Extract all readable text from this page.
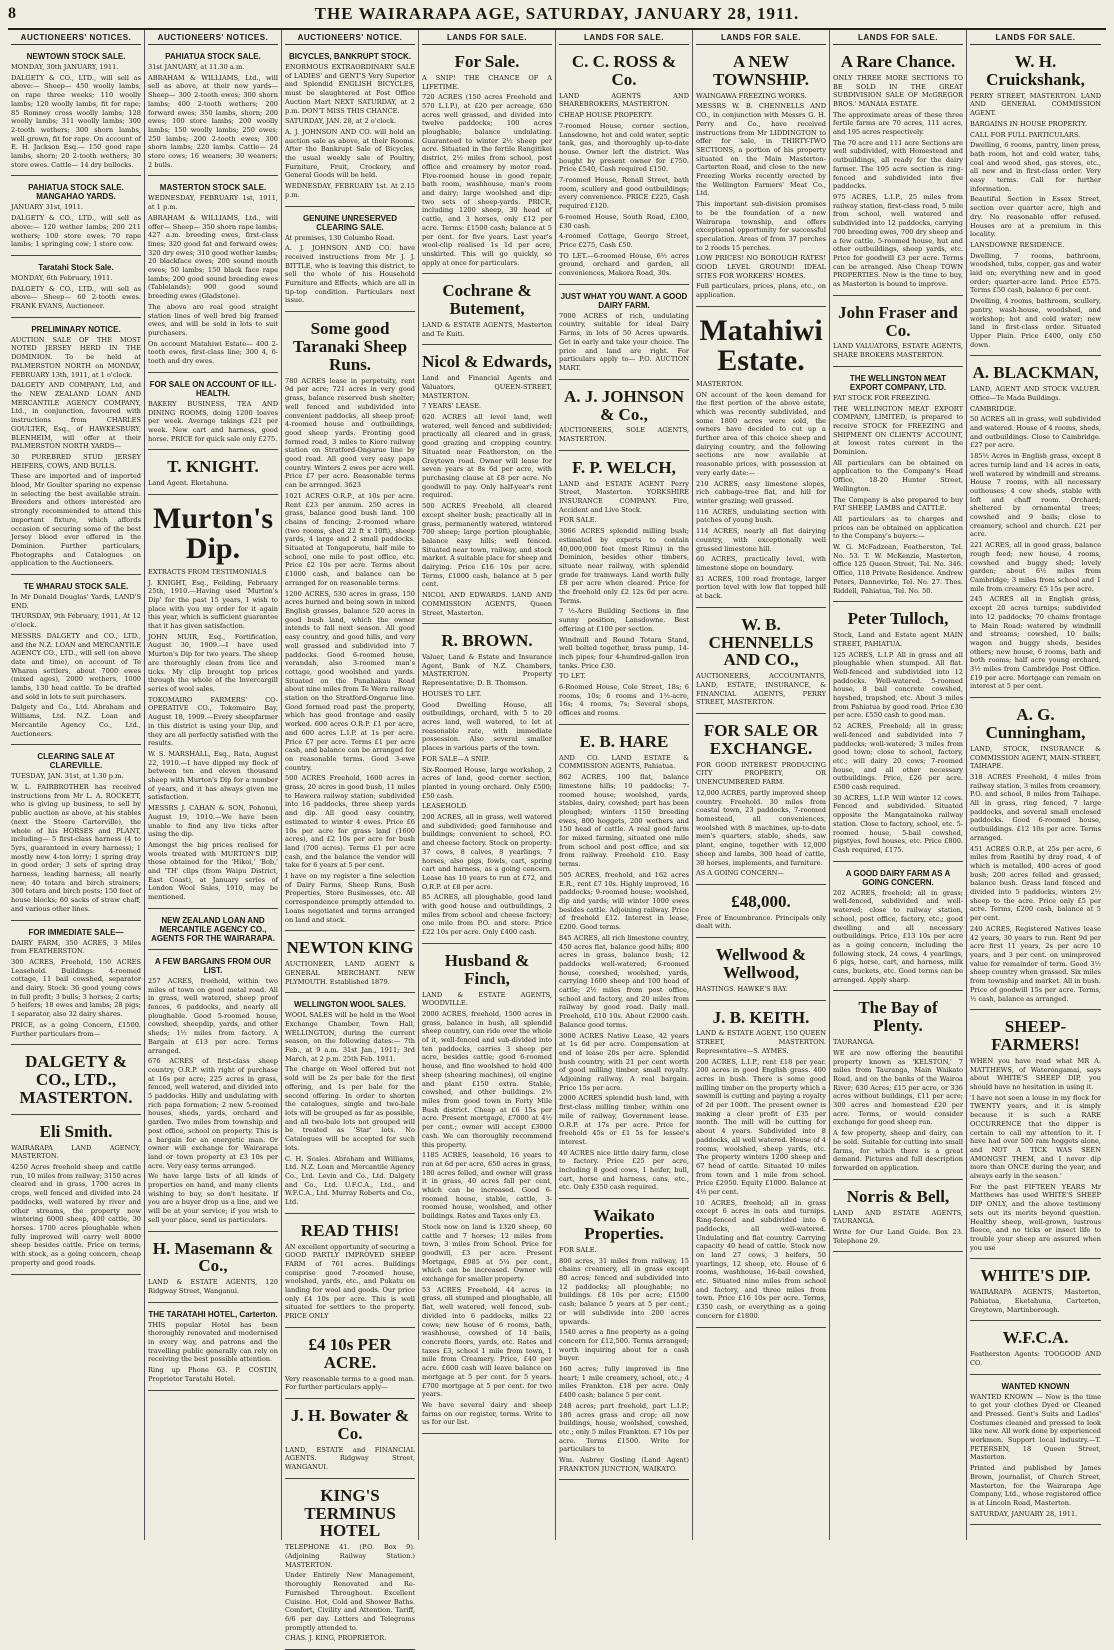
8	THE WAIRARAPA AGE, SATURDAY, JANUARY 28, 1911.
AUCTIONEERS' NOTICES.
NEWTOWN STOCK SALE.
MONDAY, 30th JANUARY, 1911.
DALGETY & CO., LTD., will sell as above:— Sheep— 450 woolly lambs, on rape three weeks; 110 woolly lambs; 120 woolly lambs, fit for rape; 85 Romney cross woolly lambs; 128 woolly lambs; 311 woolly lambs; 300 2-tooth wethers; 300 shorn lambs, well grown, fit for rape. On account of E. H. Jackson Esq.— 150 good rape lambs, shorn; 20 2-tooth wethers; 30 store ewes. Cattle— 14 dry bullocks.
PAHIATUA STOCK SALE. MANGAHAO YARDS.
JANUARY 31st, 1911.
DALGETY & CO., LTD., will sell as above:— 120 wether lambs; 200 211 wethers; 100 store ewes; 70 rape lambs; 1 springing cow; 1 store cow.
Taratahi Stock Sale.
MONDAY, 6th February, 1911.
DALGETY & CO., LTD., will sell as above— Sheep— 60 2-tooth ewes. FRANK EVANS, Auctioneer.
PRELIMINARY NOTICE.
AUCTION SALE OF THE MOST NOTED JERSEY HERD IN THE DOMINION. To be held at PALMERSTON NORTH on MONDAY, FEBRUARY 13th, 1911, at 1 o'clock.
DALGETY AND COMPANY, Ltd, and the NEW ZEALAND LOAN AND MERCANTILE AGENCY COMPANY, Ltd., in conjunction, favoured with instructions from CHARLES GOULTER, Esq., of HAWKESBURY, BLENHEIM, will offer at their PALMERSTON NORTH YARDS—
30 PUREBRED STUD JERSEY HEIFERS, COWS, AND BULLS.
These are imported and of imported blood, Mr Goulter sparing no expense in selecting the best available strain. Breeders and others interested are strongly recommended to attend this important fixture, which affords occasion of securing some of the best Jersey blood ever offered in the Dominion. Further particulars, Photographs and Catalogues on application to the Auctioneers.
TE WHARAU STOCK SALE.
In Mr Donald Douglas' Yards, LAND'S END.
THURSDAY, 9th February, 1911, At 12 o'clock.
MESSRS DALGETY and CO., LTD., and the N.Z. LOAN and MERCANTILE AGENCY CO., LTD., will sell (on above date and time), on account of Te Wharau settlers, about 7000 ewes (mixed ages), 2000 wethers, 1000 lambs, 130 head cattle. To be drafted and sold in lots to suit purchasers.
Dalgety and Co., Ltd. Abraham and Williams, Ltd. N.Z. Loan and Mercantile Agency Co., Ltd., Auctioneers.
CLEARING SALE AT CLAREVILLE.
TUESDAY, JAN. 31st, at 1.30 p.m.
W. L. FAIRBROTHER has received instructions from Mr L. A. ROCKETT, who is giving up business, to sell by public auction as above, at his stables (next the Steere Carterville), the whole of his HORSES and PLANT, including— 5 first-class harness (4 to 5yrs, guaranteed in every harness); 1 mostly new 4-ton lorry; 1 spring dray in good order; 3 sets of spring dray harness, leading harness, all nearly new; 40 totara and birch strainers; 300 totara and birch posts; 150 feet of house blocks; 60 sacks of straw chaff, and various other lines.
FOR IMMEDIATE SALE—
DAIRY FARM, 350 ACRES, 3 Miles from FEATHERSTON.
300 ACRES, Freehold, 150 ACRES Leasehold. Buildings: 4-roomed cottage, 11 bail cowshed, separator and dairy. Stock: 36 good young cows in full profit; 3 bulls; 3 horses; 2 carts; 5 heifers; 18 ewes and lambs; 28 pigs; 1 separator, also 32 dairy shares.
PRICE, as a going Concern, £1500. Further particulars from—
DALGETY & CO., LTD., MASTERTON.
Eli Smith.
WAIRARAPA LAND AGENCY, MASTERTON.
4250 Acres freehold sheep and cattle run, 10 miles from railway; 3150 acres cleared and in grass, 1700 acres in crops, well fenced and divided into 24 paddocks, well watered by river and other streams, the property now wintering 6000 sheep, 400 cattle, 30 horses. 1700 acres ploughable when fully improved will carry well 8000 sheep besides cattle. Price on terms, with stock, as a going concern, cheap property and good roads.
AUCTIONEERS' NOTICES.
PAHIATUA STOCK SALE.
31st JANUARY, at 11.30 a.m.
ABRAHAM & WILLIAMS, Ltd., will sell as above, at their new yards— Sheep— 300 2-tooth ewes; 300 shorn lambs; 400 2-tooth wethers; 200 forward ewes; 350 lambs, shorn; 200 ewes; 100 store lambs; 200 woolly lambs; 150 woolly lambs; 250 ewes; 250 lambs; 200 2-tooth ewes; 300 shorn lambs; 220 lambs. Cattle— 24 store cows; 16 weaners; 30 weaners; 2 bulls.
MASTERTON STOCK SALE.
WEDNESDAY, FEBRUARY 1st, 1911, at 1 p.m.
ABRAHAM & WILLIAMS, Ltd., will offer— Sheep— 350 shorn rape lambs; 427 a.m. breeding ewes, first-class lines; 320 good fat and forward ewes; 320 dry ewes; 310 good wether lambs; 20 blackface ewes; 200 sound mouth ewes; 50 lambs; 150 black face rape lambs; 200 good sound breeding ewes (Tablelands); 900 good sound breeding ewes (Gladstone).
The above are real good straight station lines of well bred big framed ewes, and will be sold in lots to suit purchasers.
On account Matahiwi Estate— 400 2-tooth ewes, first-class line; 300 4, 6-tooth and dry ewes.
FOR SALE ON ACCOUNT OF ILL-HEALTH.
BAKERY BUSINESS, TEA AND DINING ROOMS, doing 1200 loaves per week. Average takings £21 per week. New cart and harness, good horse. PRICE for quick sale only £275.
T. KNIGHT.
Land Agent. Eketahuna.
Murton's Dip.
EXTRACTS FROM TESTIMONIALS
J. KNIGHT, Esq., Feilding, February 25th, 1910.—Having used 'Murton's Dip' for the past 15 years, I wish to place with you my order for it again this year, which is sufficient guarantee that it has given satisfaction.
JOHN MUIR, Esq., Fortification, August 30, 1909.—I have used Murton's Dip for two years. The sheep are thoroughly clean from lice and ticks. My clip brought top prices through the whole of the Invercargill series of wool sales.
TOKOMAIRO FARMERS' CO-OPERATIVE CO., Tokomairo Bay, August 18, 1909.—Every sheepfarmer in this district is using your Dip, and they are all perfectly satisfied with the results.
W. S. MARSHALL, Esq., Rata, August 22, 1910.—I have dipped my flock of between ten and eleven thousand sheep with Murton's Dip for a number of years, and it has always given me satisfaction.
MESSRS J. CAHAN & SON, Pohonui, August 19, 1910.—We have been unable to find any live ticks after using the dip.
Amongst the big prices realised for wools treated with MURTON'S DIP, those obtained for the 'Hikoi,' 'Bob,' and 'TH' clips (from Waipu District, East Coast), at January series of London Wool Sales, 1910, may be mentioned.
NEW ZEALAND LOAN AND MERCANTILE AGENCY CO., AGENTS FOR THE WAIRARAPA.
A FEW BARGAINS FROM OUR LIST.
257 ACRES, freehold, within two miles of town on good metal road. All in grass, well watered, sheep proof fences, 6 paddocks, and nearly all ploughable. Good 5-roomed house, cowshed, sheepdip, yards, and other sheds; 1½ miles from factory. A Bargain at £13 per acre. Terms arranged.
676 ACRES of first-class sheep country, O.R.P. with right of purchase at 16s per acre; 225 acres in grass, fenced, well watered, and divided into 5 paddocks. Hilly and undulating with rich papa formation; 2 new 5-roomed houses, sheds, yards, orchard and garden. Two miles from township and post office, school on property. This is a bargain for an energetic man. Or owner will exchange for Wairarapa land or town property at £3 10s per acre. Very easy terms arranged.
We have large lists of all kinds of properties on hand, and many clients wishing to buy, so don't hesitate. If you are a buyer drop us a line, and we will be at your service; if you wish to sell your place, send us particulars.
H. Masemann & Co.,
LAND & ESTATE AGENTS, 120 Ridgway Street, Wanganui.
THE TARATAHI HOTEL, Carterton.
THIS popular Hotel has been thoroughly renovated and modernised in every way, and patrons and the travelling public generally can rely on receiving the best possible attention.
Ring up Phone 63. P. COSTIN, Proprietor Taratahi Hotel.
AUCTIONEERS' NOTICE.
BICYCLES, BANKRUPT STOCK.
ENORMOUS EXTRAORDINARY SALE of LADIES' and GENT'S Very Superior and Splendid ENGLISH BICYCLES, must be slaughtered at Post Office Auction Mart NEXT SATURDAY, at 2 p.m. DON'T MISS THIS CHANCE.
SATURDAY, JAN. 28, at 2 o'clock.
A. J. JOHNSON AND CO. will hold an auction sale as above, at their Rooms. After the Bankrupt Sale of Bicycles, the usual weekly sale of Poultry, Furniture, Fruit, Crockery, and General Goods will be held.
WEDNESDAY, FEBRUARY 1st. At 2.15 p.m.
GENUINE UNRESERVED CLEARING SALE.
At premises, 130 Columbo Road.
A. J. JOHNSON AND CO. have received instructions from Mr J. J. BITTLE, who is leaving this district, to sell the whole of his Household Furniture and Effects, which are all in tip-top condition. Particulars next issue.
Some good Taranaki Sheep Runs.
780 ACRES lease in perpetuity, rent 9d per acre; 721 acres in very good grass, balance reserved bush shelter; well fenced and subdivided into convenient paddocks, all sheep proof; 4-roomed house and outbuildings, good sheep yards. Fronting good formed road, 3 miles to Kiore railway station on Stratford-Ongarue line by good road. All good very easy papa country. Winters 2 ewes per acre well. Price £7 per acre. Reasonable terms can be arranged. 3623
1021 ACRES O.R.P., at 10s per acre. Rent £23 per annum. 250 acres in grass, balance good bush land. 100 chains of fencing; 2-roomed whare (two rooms, shed 22 ft x 10ft), sheep yards, 4 large and 2 small paddocks. Situated at Tongaporutu, half mile to school, one mile to post office, etc. Price £2 10s per acre. Terms about £1000 cash, and balance can be arranged for on reasonable terms.
1200 ACRES, 530 acres in grass, 150 acres burned and being sown in mixed English grasses, balance 520 acres in good bush land, which the owner intends to fall next season. All good easy country, and good hills, and very well grassed and subdivided into 7 paddocks. Good 6-roomed house, verandah, also 3-roomed man's cottage, good woolshed and yards. Situated on the Punahakau Road about nine miles from Te Wera railway station on the Stratford-Ongarue line. Good formed road past the property, which has good frontage and easily worked. 600 acres O.R.P. £1 per acre, and 600 acres L.I.P. at 1s per acre. Price £7 per acre. Terms £1 per acre cash, and balance can be arranged for on reasonable terms. Good 3-ewe country.
500 ACRES Freehold, 1600 acres in grass, 20 acres in good bush, 11 miles to Hawera railway station; subdivided into 16 paddocks, three sheep yards and dip. All good easy country, estimated to winter 4 ewes. Price £6 10s per acre for grass land (1600 acres), and £2 10s per acre for bush land (700 acres). Terms £1 per acre cash, and the balance the vendor will take for 6 years at 5 per cent.
I have on my register a fine selection of Dairy Farms, Sheep Runs, Bush Properties, Store Businesses, etc. All correspondence promptly attended to. Loans negotiated and terms arranged on land and stock.
NEWTON KING
AUCTIONEER, LAND AGENT & GENERAL MERCHANT. NEW PLYMOUTH. Established 1879.
WELLINGTON WOOL SALES.
WOOL SALES will be held in the Wool Exchange Chamber, Town Hall, WELLINGTON, during the current season, on the following dates:— 7th Feb., at 9 a.m. 31st Jan., 1911; 3rd March, at 2 p.m. 25th Feb. 1911.
The charge on Wool offered but not sold will be 2s per bale for the first offering, and 1s per bale for the second offering. In order to shorten the catalogues, single and two-bale lots will be grouped as far as possible, and all two-bale lots not grouped will be treated as 'Star' lots. No Catalogues will be accepted for such lots.
C. H. Scales. Abraham and Williams, Ltd. N.Z. Loan and Mercantile Agency Co., Ltd. Levin and Co., Ltd. Dalgety and Co., Ltd. U.F.C.A., Ltd., and W.F.C.A., Ltd. Murray Roberts and Co., Ltd.
READ THIS!
AN excellent opportunity of securing a GOOD PARTLY IMPROVED SHEEP FARM of 761 acres. Buildings comprise good 7-roomed house, woolshed, yards, etc., and Pukatu on landing for wool and goods. Our price only £4 10s per acre. This is well situated for settlers to the property. PRICE ONLY
£4 10s PER ACRE.
Very reasonable terms to a good man. For further particulars apply—
J. H. Bowater & Co.
LAND, ESTATE and FINANCIAL AGENTS. Ridgway Street, WANGANUI.
KING'S TERMINUS HOTEL
TELEPHONE 41. (P.O. Box 9). (Adjoining Railway Station.) MASTERTON.
Under Entirely New Management, thoroughly Renovated and Re-Furnished Throughout. Excellent Cuisine. Hot, Cold and Shower Baths. Comfort, Civility and Attention. Tariff, 6/6 per day. Letters and Telegrams promptly attended to.
CHAS. J. KING, PROPRIETOR.
LANDS FOR SALE.
For Sale.
A SNIP! THE CHANCE OF A LIFETIME.
720 ACRES (150 acres Freehold and 570 L.I.P.), at £20 per acreage, 650 acres well grassed, and divided into twelve paddocks; 100 acres ploughable; balance undulating. Guaranteed to winter 2½ sheep per acre. Situated in the fertile Rangitikei district, 2½ miles from school, post office and creamery by motor road. Five-roomed house in good repair, bath room, washhouse, man's room and dairy; large woolshed and dip; two sets of sheep-yards. PRICE, including 1200 sheep, 30 head of cattle, and 3 horses, only £12 per acre. Terms: £1500 cash; balance at 5 per cent. for five years. Last year's wool-clip realised 1s 1d per acre, unskirted. This will go quickly, so apply at once for particulars.
Cochrane & Butement,
LAND & ESTATE AGENTS, Masterton and Te Kuiti.
Nicol & Edwards,
Land and Financial Agents and Valuators, QUEEN-STREET, MASTERTON.
7 YEARS' LEASE.
620 ACRES all level land, well watered, well fenced and subdivided; practically all cleared and in grass, good grazing and cropping country. Situated near Featherston, on the Greytown road. Owner will lease for seven years at 8s 6d per acre, with purchasing clause at £8 per acre. No goodwill to pay. Only half-year's rent required.
500 ACRES Freehold, all cleared except shelter bush; practically all in grass, permanently watered, wintered 700 sheep; large portion ploughable, balance easy hills; well fenced. Situated near town, railway, and stock market. A suitable place for sheep and dairying. Price £16 10s per acre. Terms, £1000 cash, balance at 5 per cent.
NICOL AND EDWARDS. LAND AND COMMISSION AGENTS, Queen Street, Masterton.
R. BROWN.
Valuer, Land & Estate and Insurance Agent, Bank of N.Z. Chambers, MASTERTON. Property Representative: D. B. Thomson.
HOUSES TO LET.
Good Dwelling House, all outbuildings, orchard, with 5 to 20 acres land, well watered, to let at reasonable rate, with immediate possession. Also several smaller places in various parts of the town.
FOR SALE—A SNIP.
Six-Roomed House, large workshop, 2 acres of land, good corner section, planted in young orchard. Only £500; £50 cash.
LEASEHOLD.
200 ACRES, all in grass, well watered and subdivided; good farmhouse and buildings; convenient to school, P.O. and cheese factory. Stock on property: 37 cows, 8 calves, 8 yearlings, 7 horses, also pigs, fowls, cart, spring cart and harness, as a going concern. Lease has 10 years to run at £72, and O.R.P. at £8 per acre.
85 ACRES, all ploughable, good land with good house and outbuildings, 2 miles from school and cheese factory; one mile from P.O. and store. Price £22 10s per acre. Only £400 cash.
Husband & Finch,
LAND & ESTATE AGENTS, WOODVILLE.
2000 ACRES, freehold, 1500 acres in grass, balance in bush, all splendid sheep country, can ride over the whole of it, well-fenced and sub-divided into ten paddocks, carries 3 sheep per acre, besides cattle; good 6-roomed house, and fine woolshed to hold 400 sheep (shearing machines), oil engine and plant £150 extra. Stable, cowshed, and other buildings. 2½ miles from good town in Forty Mile Bush district. Cheap at £6 15s per acre. Present mortgage, £7000 at 4½ per cent.; owner will accept £3000 cash. We can thoroughly recommend this property.
1185 ACRES, leasehold, 16 years to run at 6d per acre, 650 acres in grass, 180 acres felled, and owner will grass it in grass, 40 acres fall per cent, which can be increased. Good 6-roomed house, stable, cattle, 3-roomed house, woolshed, and other buildings. Rates and Taxes only £3.
Stock now on land is 1320 sheep, 60 cattle and 7 horses; 12 miles from town, 3 miles from School. Price for goodwill, £3 per acre. Present Mortgage, £985 at 5¼ per cent., which can be increased. Owner will exchange for smaller property.
53 ACRES Freehold, 44 acres in grass, all stumped and ploughable, all flat, well watered, well fenced, sub-divided into 6 paddocks, milks 22 cows; new house of 6 rooms, bath, washhouse, cowshed of 14 bails, concrete floors, yards, etc. Rates and taxes £3, school 1 mile from town, 1 mile from Creamery. Price, £40 per acre. £600 cash will leave balance on mortgage at 5 per cent. for 5 years. £700 mortgage at 5 per cent. for two years.
We have several dairy and sheep farms on our register, terms. Write to us for our list.
LANDS FOR SALE.
C. C. ROSS & Co.
LAND AGENTS AND SHAREBROKERS, MASTERTON.
CHEAP HOUSE PROPERTY.
7-roomed House, corner section, Lansdowne, hot and cold water, septic tank, gas, and thoroughly up-to-date house. Owner left the district. Was bought by present owner for £750. Price £540, Cash required £150.
7-roomed House, Renall Street, bath room, scullery and good outbuildings; every convenience. PRICE £225, Cash required £120.
6-roomed House, South Road, £300, £30 cash.
4-roomed Cottage, George Street, Price £275, Cash £50.
TO LET.—6-roomed House, 6½ acres ground, orchard and garden, all conveniences, Makora Road, 30s.
JUST WHAT YOU WANT. A GOOD DAIRY FARM.
7000 ACRES of rich, undulating country, suitable for ideal Dairy Farms, in lots of 50 Acres upwards. Get in early and take your choice. The price and land are right. For particulars apply to— P.O. AUCTION MART.
A. J. JOHNSON & Co.,
AUCTIONEERS, SOLE AGENTS, MASTERTON.
F. P. WELCH,
LAND and ESTATE AGENT Perry Street, Masterton. YORKSHIRE INSURANCE COMPANY. Fire, Accident and Live Stock.
FOR SALE.
3066 ACRES splendid milling bush; estimated by experts to contain 40,000,000 feet (most Rimu) in the Dominion, besides other timbers, situate near railway, with splendid grade for tramways. Land worth fully £8 per acre when cleared. Price for the freehold only £2 12s 6d per acre. Terms.
7 ½-Acre Building Sections in fine sunny position, Lansdowne. Best offering at £100 per section.
Windmill and Round Totara Stand, well bolted together, brass pump, 14-inch pipes; four 4-hundred-gallon iron tanks. Price £30.
TO LET.
6-Roomed House, Cole Street, 18s; 6 rooms, 10s; 6 rooms and 1½-acre, 16s; 4 rooms, 7s; Several shops, offices and rooms.
E. B. HARE
AND CO. LAND ESTATE & COMMISSION AGENTS, Pahiatua.
862 ACRES, 100 flat, balance limestone hills; 10 paddocks; 7-roomed house; woolshed, yards, stables, dairy, cowshed; part has been ploughed; winters 1150 breeding ewes, 800 hoggets, 200 wethers and 150 head of cattle. A real good farm for mixed farming, situated one mile from school and post office, and six from railway. Freehold £10. Easy terms.
505 ACRES, freehold, and 162 acres E.R., rent £7 10s. Highly improved, 16 paddocks; 9-roomed house; woolshed, dip and yards; will winter 1000 ewes besides cattle. Adjoining railway. Price of freehold £12. Interest in lease, £200. Good terms.
845 ACRES, all rich limestone country, 450 acres flat, balance good hills; 800 acres in grass, balance bush; 12 paddocks well-watered; 6-roomed house, cowshed, woolshed, yards, carrying 1600 sheep and 100 head of cattle; 2½ miles from post office, school and factory, and 20 miles from railway by good road. Daily mail. Freehold, £10 10s. About £2000 cash. Balance good terms.
3000 ACRES Native Lease, 42 years at 1s 6d per acre. Compensation at end of lease 20s per acre. Splendid bush country, with 21 per cent worth of good milling timber, small royalty. Adjoining railway. A real bargain. Price 15s per acre.
2000 ACRES splendid bush land, with first-class milling timber, within one mile of railway, Government lease. O.R.P. at 17s per acre. Price for freehold 45s or £1 5s for lessee's interest.
40 ACRES nice little dairy farm, close to factory. Price £25 per acre, including 8 good cows, 1 heifer, bull, cart, horse and harness, cans, etc., etc. Only £350 cash required.
Waikato Properties.
FOR SALE.
800 acres, 31 miles from railway, 15 chains creamery, all in grass except 80 acres; fenced and subdivided into 12 paddocks; all ploughable; no buildings. £8 10s per acre; £1500 cash; balance 5 years at 5 per cent.; or will subdivide into 200 acres upwards.
1540 acres a fine property as a going concern for £12,500. Terms arranged; worth inquiring about for a cash buyer.
160 acres; fully improved in fine heart; 1 mile creamery, school, etc.; 4 miles Frankton. £18 per acre. Only £400 cash; balance 5 per cent.
248 acres; part freehold, part L.I.P.; 180 acres grass and crop; all now buildings, house, woolshed, cowshed, etc.; only 5 miles Frankton. £7 10s per acre. Terms £1500. Write for particulars to
Wm. Aubrey Gosling (Land Agent) FRANKTON JUNCTION, WAIKATO.
LANDS FOR SALE.
A NEW TOWNSHIP.
WAINGAWA FREEZING WORKS.
MESSRS W. B. CHENNELLS AND CO., in conjunction with Messrs G. H. Perry and Co., have received instructions from Mr LIDDINGTON to offer for sale, in THIRTY-TWO SECTIONS, a portion of his property situated on the Main Masterton-Carterton Road, and close to the new Freezing Works recently erected by the Wellington Farmers' Meat Co., Ltd.
This important sub-division promises to be the foundation of a new Wairarapa township, and offers exceptional opportunity for successful speculation. Areas of from 37 perches to 2 roods 15 perches.
LOW PRICES! NO BOROUGH RATES! GOOD LEVEL GROUND! IDEAL SITES FOR WORKERS' HOMES.
Full particulars, prices, plans, etc., on application.
Matahiwi Estate.
MASTERTON.
ON account of the keen demand for the first portion of the above estate, which was recently subdivided, and some 1800 acres were sold, the owners have decided to cut up a further area of this choice sheep and dairying country, and the following sections are now available at reasonable prices, with possession at very early date:—
210 ACRES, easy limestone slopes, rich cabbage-tree flat, and hill for winter grazing; well grassed.
116 ACRES, undulating section with patches of young bush.
114 ACRES, nearly all flat dairying country, with exceptionally well grassed limestone hill.
60 ACRES, practically level, with limestone slope on boundary.
81 ACRES, 100 road frontage, larger portion level with low flat topped hill at back.
W. B. CHENNELLS AND CO.,
AUCTIONEERS, ACCOUNTANTS, LAND, ESTATE, INSURANCE, & FINANCIAL AGENTS, PERRY STREET, MASTERTON.
FOR SALE OR EXCHANGE.
FOR GOOD INTEREST PRODUCING CITY PROPERTY, OR UNENCUMBERED FARM.
12,000 ACRES, partly improved sheep country. Freehold. 30 miles from coastal town, 23 paddocks, 7-roomed homestead, all conveniences, woolshed with 8 machines, up-to-date men's quarters, stable, sheds, saw plant, engine, together with 12,000 sheep and lambs, 300 head of cattle, 30 horses, implements, and furniture.
AS A GOING CONCERN—
£48,000.
Free of Encumbrance. Principals only dealt with.
Wellwood & Wellwood,
HASTINGS. HAWKE'S BAY.
J. B. KEITH.
LAND & ESTATE AGENT, 150 QUEEN STREET, MASTERTON. Representative—S. AYMES.
200 ACRES, L.I.P., rent £18 per year. 200 acres in good English grass. 400 acres in bush. There is some good milling timber on the property which a sawmill is cutting and paying a royalty of 2d per 100ft. The present owner is making a clear profit of £35 per month. The mill will be cutting for about 4 years. Subdivided into 8 paddocks, all well watered. House of 4 rooms, woolshed, sheep yards, etc. The property winters 1200 sheep and 67 head of cattle. Situated 10 miles from town and 1 mile from school. Price £2950. Equity £1000. Balance at 4½ per cent.
10 ACRES, freehold; all in grass except 6 acres in oats and turnips. Ring-fenced and subdivided into 6 paddocks, all well-watered. Undulating and flat country. Carrying capacity 40 head of cattle. Stock now on land 27 cows, 3 heifers, 50 yearlings, 12 sheep, etc. House of 6 rooms, washhouse, 16-bail cowshed, etc. Situated nine miles from school and factory, and three miles from town. Price £16 10s per acre. Terms, £350 cash, or everything as a going concern for £1800.
LANDS FOR SALE.
A Rare Chance.
ONLY THREE MORE SECTIONS TO BE SOLD IN THE GREAT SUBDIVISION SALE OF McGREGOR BROS.' MANAIA ESTATE.
The approximate areas of these three fertile farms are 70 acres, 111 acres, and 195 acres respectively.
The 70 acre and 111 acre Sections are well subdivided, with Homestead and outbuildings, all ready for the dairy farmer. The 195 acre section is ring-fenced and subdivided into five paddocks.
975 ACRES, L.I.P., 25 miles from railway station, first-class road, 5 mile from school, well watered and subdivided into 12 paddocks, carrying 700 breeding ewes, 700 dry sheep and a few cattle. 5-roomed house, hut and other outbuildings, sheep yards, etc. Price for goodwill £3 per acre. Terms can be arranged. Also Cheap TOWN PROPERTIES. Now is the time to buy, as Masterton is bound to improve.
John Fraser and Co.
LAND VALUATORS, ESTATE AGENTS, SHARE BROKERS MASTERTON.
THE WELLINGTON MEAT EXPORT COMPANY, LTD.
FAT STOCK FOR FREEZING.
THE WELLINGTON MEAT EXPORT COMPANY, LIMITED, is prepared to receive STOCK for FREEZING and SHIPMENT ON CLIENTS' ACCOUNT, at lowest rates current in the Dominion.
All particulars can be obtained on application to the Company's Head Office, 18-20 Hunter Street, Wellington.
The Company is also prepared to buy FAT SHEEP, LAMBS and CATTLE.
All particulars as to charges and prices can be obtained on application to the Company's buyers:—
W. G. McFadzean, Featherston, Tel. No. 53. T. W. McKenzie, Masterton, office 125 Queen Street, Tel. No. 346. Office, 118 Private Residence. Andrew Peters, Dannevirke, Tel. No. 27. Thos. Riddell, Pahiatua, Tel. No. 50.
Peter Tulloch,
Stock, Land and Estate agent MAIN STREET, PAHIATUA.
125 ACRES, L.I.P. All in grass and all ploughable when stumped. All flat. Well-fenced and subdivided into 12 paddocks. Well-watered. 5-roomed house, 8 bail concrete cowshed, hayshed, trapshed, etc. About 3 miles from Pahiatua by good road. Price £30 per acre. £550 cash to good man.
52 ACRES, Freehold; all in grass; well-fenced and subdivided into 7 paddocks; well-watered; 3 miles from good town; close to school, factory, etc.; will dairy 20 cows; 7-roomed house, and all other necessary outbuildings. Price, £26 per acre. £500 cash required.
30 ACRES, L.I.P. Will winter 12 cows. Fenced and subdivided. Situated opposite the Mangatainoka railway station. Close to factory, school, etc. 5-roomed house, 5-bail cowshed, pigstyes, fowl houses, etc. Price £800. Cash required, £175.
A GOOD DAIRY FARM AS A GOING CONCERN.
202 ACRES, freehold; all in grass; well-fenced, subdivided and well-watered; close to railway station, school, post office, factory, etc.; good dwelling and all necessary outbuildings. Price, £13 10s per acre as a going concern, including the following stock, 24 cows, 4 yearlings, 6 pigs, horse, cart, and harness, milk cans, buckets, etc. Good terms can be arranged. Apply sharp.
The Bay of Plenty.
TAURANGA.
WE are now offering the beautiful property known as 'KELSTON,' 7 miles from Tauranga, Main Waikato Road, and on the banks of the Wairoa River; 630 Acres; £15 per acre, or 336 acres without buildings, £11 per acre; 300 acres and homestead £20 per acre. Terms, or would consider exchange for good sheep run.
A few property, sheep and dairy, can be sold. Suitable for cutting into small farms, for which there is a great demand. Pictures and full description forwarded on application.
Norris & Bell,
LAND AND ESTATE AGENTS, TAURANGA.
Write for Our Land Guide. Box 23. Telephone 29.
LANDS FOR SALE.
W. H. Cruickshank,
PERRY STREET, MASTERTON. LAND AND GENERAL COMMISSION AGENT.
BARGAINS IN HOUSE PROPERTY.
CALL FOR FULL PARTICULARS.
Dwelling, 6 rooms, pantry, linen press, bath room, hot and cold water, tubs, coal and wood shed, gas stoves, etc., all new and in first-class order. Very easy terms. Call for further information.
Beautiful Section in Essex Street, section over quarter acre, high and dry. No reasonable offer refused. Houses are at a premium in this locality.
LANSDOWNE RESIDENCE.
Dwelling, 7 rooms, bathroom, woodshed, tubs, copper, gas and water laid on; everything new and in good order; quarter-acre land. Price £575. Terms £50 cash, balance 6 per cent.
Dwelling, 4 rooms, bathroom, scullery, pantry, wash-house, woodshed, and workshop; hot and cold water; new land in first-class order. Situated Upper Plain. Price £400, only £50 down.
A. BLACKMAN,
LAND, AGENT AND STOCK VALUER. Office—Te Mada Buildings.
CAMBRIDGE.
50 ACRES all in grass, well subdivided and watered. House of 4 rooms, sheds, and outbuildings. Close to Cambridge. £27 per acre.
185½ Acres in English grass, except 8 acres turnip land and 14 acres in oats, well watered by windmill and streams. House 7 rooms, with all necessary outhouses; 4 cow sheds, stable with loft and chaff room. Orchard; sheltered by ornamental trees; cowshed and 9 bails; close to creamery, school and church. £21 per acre.
221 ACRES, all in good grass, balance rough feed; new house, 4 rooms, cowshed and buggy shed; lovely garden; about 6½ miles from Cambridge; 3 miles from school and 1 mile from creamery. £5 15s per acre.
245 ACRES all in English grass, except 20 acres turnips; subdivided into 12 paddocks; 70 chains frontage to Main Road; watered by windmill and streams; cowshed, 10 bails; wagon and buggy sheds, besides others; new house, 6 rooms, bath and both rooms; half acre young orchard, 3½ miles from Cambridge Post Office. £19 per acre. Mortgage can remain on interest at 5 per cent.
A. G. Cunningham,
LAND, STOCK, INSURANCE & COMMISSION AGENT, MAIN-STREET, TAIHAPE.
318 ACRES Freehold, 4 miles from railway station, 3 miles from creamery, P.O. and school, 8 miles from Taihape. All in grass, ring fenced, 7 large paddocks, and several small enclosed paddocks. Good 6-roomed house, outbuildings. £12 10s per acre. Terms arranged.
451 ACRES O.R.P., at 25s per acre, 6 miles from Raetihi by dray road, 4 of which is metalled, 400 acres of good bush; 200 acres felled and grassed, balance bush. Grass land fenced and divided into 5 paddocks, winters 2½ sheep to the acre. Price only £5 per acre. Terms, £200 cash, balance at 5 per cent.
240 ACRES, Registered Natives lease 42 years, 30 years to run. Rent 9d per acre first 11 years, 2s per acre 10 years, and 3 per cent. on unimproved value for remainder of term. Good 3½ sheep country when grassed. Six miles from township and market. All in bush. Price of goodwill 15s per acre. Terms, ½ cash, balance as arranged.
SHEEP-FARMERS!
WHEN you have read what MR A. MATTHEWS, of Waterongamai, says about WHITE'S SHEEP DIP, you should have no hesitation in using it.
'I have not seen a louse in my flock for TWENTY years, and it is simply because it is such a RARE OCCURRENCE that the dipper is certain to call my attention to it. I have had over 500 ram hoggets alone, and NOT A TICK WAS SEEN AMONGST THEM, and I never dip more than ONCE during the year, and always early in the season.'
For the past FIFTEEN YEARS Mr Matthews has used WHITE'S SHEEP DIP ONLY, and the above testimony sets out its merits beyond question. Healthy sheep, well-grown, lustrous fleece, and no ticks or insect life to trouble your sheep are assured when you use
WHITE'S DIP.
WAIRARAPA AGENTS, Masterton, Pahiatua, Eketahuna, Carterton, Greytown, Martinborough.
W.F.C.A.
Featherston Agents: TOOGOOD AND CO.
WANTED KNOWN
WANTED KNOWN — Now is the time to get your clothes Dyed or Cleaned and Pressed. Gent's Suits and Ladies' Costumes cleaned and pressed to look like new. All work done by experienced workmen. Support local industry.—T. PETERSEN, 18 Queen Street, Masterton.
Printed and published by James Brown, journalist, of Church Street, Masterton, for the Wairarapa Age Company, Ltd., whose registered office is at Lincoln Road, Masterton.
SATURDAY, JANUARY 28, 1911.
